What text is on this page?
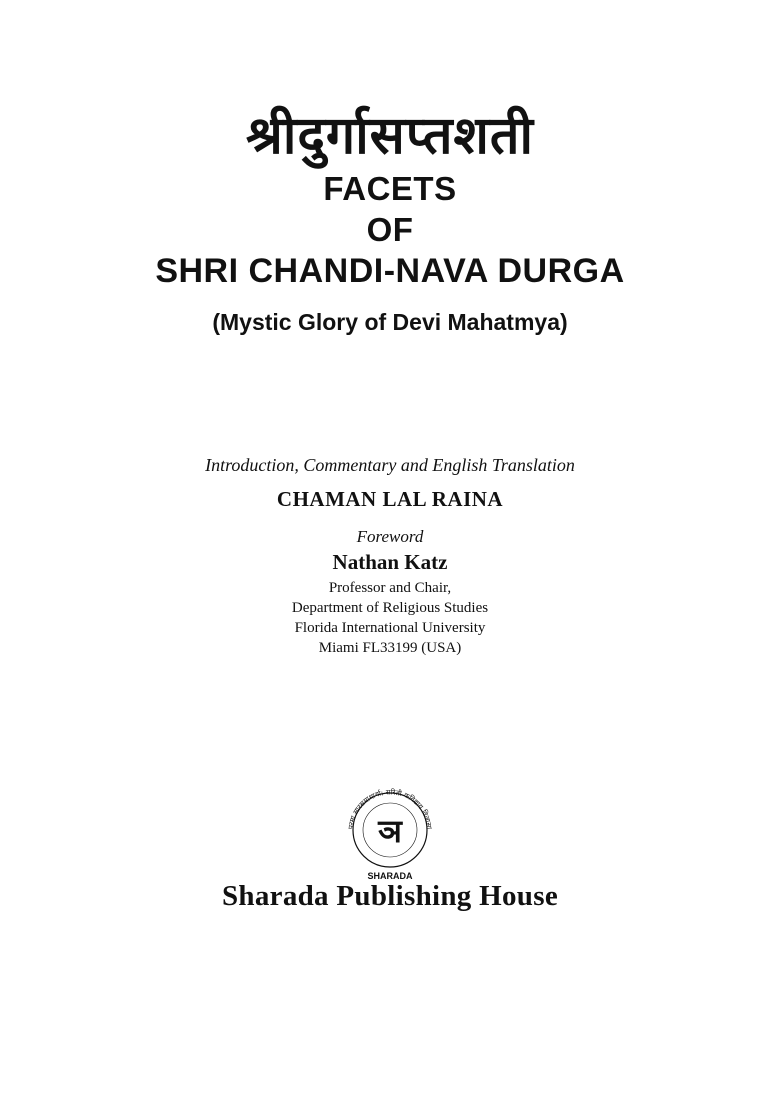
श्रीदुर्गासप्तशती
FACETS
OF
SHRI CHANDI-NAVA DURGA
(Mystic Glory of Devi Mahatmya)
Introduction, Commentary and English Translation
CHAMAN LAL RAINA
Foreword
Nathan Katz
Professor and Chair,
Department of Religious Studies
Florida International University
Miami FL33199 (USA)
परमा सारसमाधार्या: सरिती कविद्याय विलासा
ञ
SHARADA
Sharada Publishing House
